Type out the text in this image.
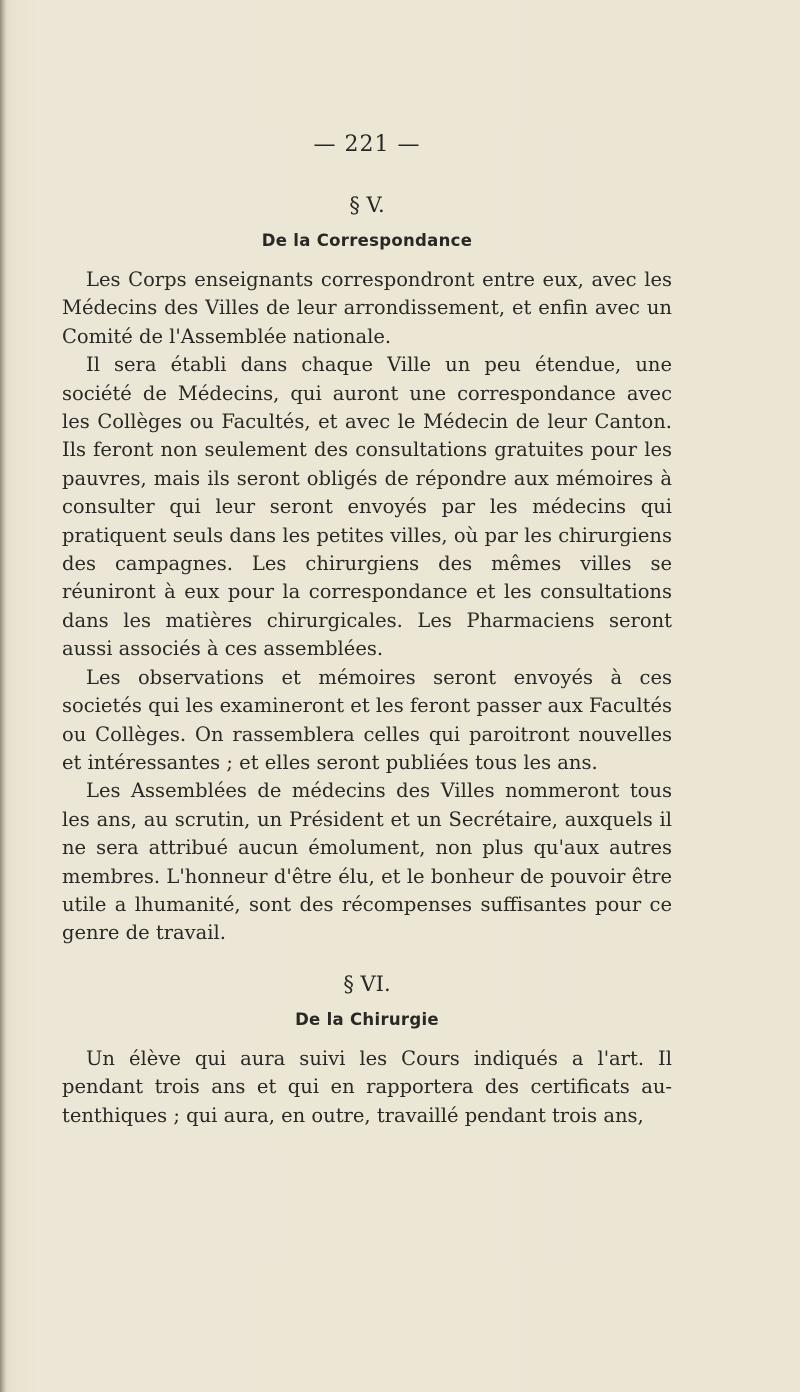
— 221 —
§ V.
De la Correspondance

Les Corps enseignants correspondront entre eux, avec les Médecins des Villes de leur arrondissement, et enfin avec un Comité de l'Assemblée nationale.

Il sera établi dans chaque Ville un peu étendue, une société de Médecins, qui auront une correspondance avec les Collèges ou Facultés, et avec le Médecin de leur Canton. Ils feront non seulement des consultations gratuites pour les pauvres, mais ils seront obligés de répondre aux mémoires à consulter qui leur seront envoyés par les médecins qui pratiquent seuls dans les petites villes, où par les chirurgiens des campagnes. Les chirurgiens des mêmes villes se réuniront à eux pour la correspondance et les consultations dans les matières chirurgicales. Les Pharmaciens seront aussi associés à ces assemblées.

Les observations et mémoires seront envoyés à ces societés qui les examineront et les feront passer aux Facultés ou Collèges. On rassemblera celles qui paroitront nouvelles et intéressantes ; et elles seront publiées tous les ans.

Les Assemblées de médecins des Villes nommeront tous les ans, au scrutin, un Président et un Secrétaire, auxquels il ne sera attribué aucun émolument, non plus qu'aux autres membres. L'honneur d'être élu, et le bonheur de pouvoir être utile a lhumanité, sont des récompenses suffisantes pour ce genre de travail.

§ VI.
De la Chirurgie

Un élève qui aura suivi les Cours indiqués a l'art. Il pendant trois ans et qui en rapportera des certificats autenthiques ; qui aura, en outre, travaillé pendant trois ans,
